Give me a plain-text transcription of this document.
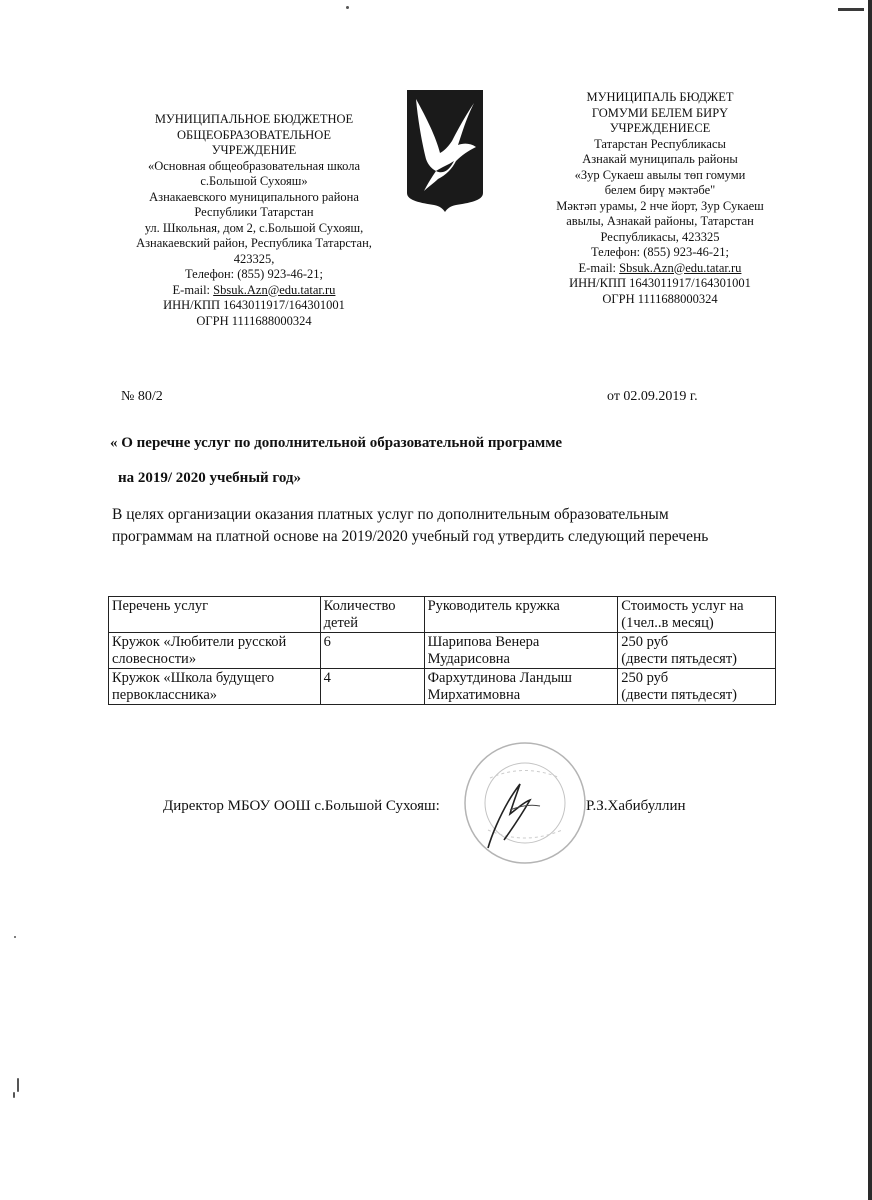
МУНИЦИПАЛЬНОЕ БЮДЖЕТНОЕ
ОБЩЕОБРАЗОВАТЕЛЬНОЕ
УЧРЕЖДЕНИЕ
«Основная общеобразовательная школа
с.Большой Сухояш»
Азнакаевского муниципального района
Республики Татарстан
ул. Школьная, дом 2, с.Большой Сухояш,
Азнакаевский район, Республика Татарстан,
423325,
Телефон: (855) 923-46-21;
E-mail: Sbsuk.Azn@edu.tatar.ru
ИНН/КПП 1643011917/164301001
ОГРН 1111688000324
МУНИЦИПАЛЬ БЮДЖЕТ
ГОМУМИ БЕЛЕМ БИРҮ
УЧРЕЖДЕНИЕСЕ
Татарстан Республикасы
Азнакай муниципаль районы
«Зур Сукаеш авылы төп гомуми
белем бирү мәктәбе"
Мәктәп урамы, 2 нче йорт, Зур Сукаеш
авылы, Азнакай районы, Татарстан
Республикасы, 423325
Телефон: (855) 923-46-21;
E-mail: Sbsuk.Azn@edu.tatar.ru
ИНН/КПП 1643011917/164301001
ОГРН 1111688000324
№ 80/2	от 02.09.2019 г.
« О перечне услуг по дополнительной образовательной программе
на 2019/ 2020 учебный год»
В целях организации оказания платных услуг по дополнительным образовательным
программам на платной основе на 2019/2020 учебный год утвердить следующий перечень
Перечень услуг	Количество детей	Руководитель кружка	Стоимость услуг на (1чел..в месяц)
Кружок «Любители русской словесности»	6	Шарипова Венера Мударисовна	250 руб
(двести пятьдесят)

Кружок «Школа будущего первоклассника»	4	Фархутдинова Ландыш Мирхатимовна	250 руб
(двести пятьдесят)
Директор МБОУ ООШ с.Большой Сухояш:	Р.З.Хабибуллин
